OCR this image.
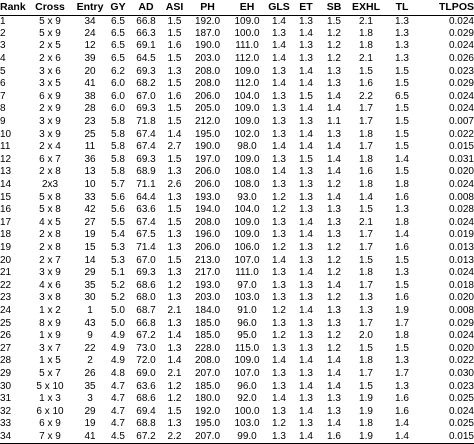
Rank	Cross	Entry	GY	AD	ASI	PH	EH	GLS	ET	SB	EXHL	TL	TLPOS
1	5 x 9	34	6.5	66.8	1.5	192.0	109.0	1.4	1.3	1.5	2.1	1.3	0.024
2	5 x 9	24	6.5	66.3	1.5	187.0	100.0	1.3	1.4	1.2	1.8	1.3	0.029
3	2 x 5	12	6.5	69.1	1.6	190.0	111.0	1.4	1.3	1.2	1.8	1.3	0.024
4	2 x 6	39	6.5	64.5	1.5	203.0	112.0	1.4	1.3	1.2	2.1	1.3	0.026
5	3 x 6	20	6.2	69.3	1.3	208.0	109.0	1.3	1.4	1.3	1.5	1.5	0.023
6	3 x 5	41	6.0	68.2	1.5	208.0	112.0	1.4	1.4	1.3	1.6	1.5	0.029
7	6 x 9	38	6.0	67.0	1.6	206.0	104.0	1.3	1.5	1.4	2.2	6.5	0.024
8	2 x 9	28	6.0	69.3	1.5	205.0	109.0	1.3	1.4	1.4	1.7	1.5	0.024
9	3 x 9	23	5.8	71.8	1.5	212.0	109.0	1.3	1.3	1.1	1.7	1.5	0.007
10	3 x 9	25	5.8	67.4	1.4	195.0	102.0	1.3	1.4	1.3	1.8	1.5	0.022
11	2 x 4	11	5.8	67.4	2.7	190.0	98.0	1.4	1.4	1.4	1.7	1.5	0.015
12	6 x 7	36	5.8	69.3	1.5	197.0	109.0	1.3	1.5	1.4	1.8	1.4	0.031
13	2 x 8	13	5.8	68.9	1.3	206.0	108.0	1.4	1.3	1.4	1.6	1.5	0.020
14	2x3	10	5.7	71.1	2.6	206.0	108.0	1.3	1.3	1.2	1.8	1.8	0.024
15	5 x 8	33	5.6	64.4	1.3	193.0	93.0	1.2	1.3	1.4	1.4	1.6	0.008
16	5 x 8	42	5.6	63.6	1.5	194.0	104.0	1.2	1.3	1.3	1.5	1.3	0.028
17	4 x 5	27	5.5	67.4	1.5	208.0	109.0	1.3	1.4	1.3	2.1	1.8	0.024
18	2 x 8	19	5.4	67.5	1.3	196.0	109.0	1.3	1.4	1.3	1.7	1.4	0.019
19	2 x 8	15	5.3	71.4	1.3	206.0	106.0	1.2	1.3	1.2	1.7	1.6	0.013
20	2 x 7	14	5.3	67.0	1.5	213.0	107.0	1.4	1.3	1.2	1.5	1.5	0.013
21	3 x 9	29	5.1	69.3	1.3	217.0	111.0	1.3	1.4	1.2	1.8	1.3	0.024
22	4 x 6	35	5.2	68.6	1.2	193.0	97.0	1.3	1.3	1.4	1.7	1.5	0.018
23	3 x 8	30	5.2	68.0	1.3	203.0	103.0	1.3	1.3	1.2	1.3	1.6	0.020
24	1 x 2	1	5.0	68.7	2.1	184.0	91.0	1.2	1.4	1.3	1.3	1.9	0.008
25	8 x 9	43	5.0	66.8	1.3	185.0	96.0	1.3	1.3	1.3	1.7	1.7	0.029
26	1 x 9	9	4.9	67.2	1.4	185.0	95.0	1.2	1.3	1.2	2.0	1.8	0.024
27	3 x 7	22	4.9	73.0	1.3	228.0	115.0	1.3	1.3	1.2	1.5	1.5	0.020
28	1 x 5	2	4.9	72.0	1.4	208.0	109.0	1.4	1.4	1.4	1.8	1.3	0.022
29	5 x 7	26	4.8	69.0	2.1	207.0	107.0	1.3	1.3	1.4	1.7	1.7	0.030
30	5 x 10	35	4.7	63.6	1.2	185.0	96.0	1.3	1.4	1.4	1.5	1.3	0.023
31	1 x 3	3	4.7	68.6	1.2	180.0	92.0	1.4	1.3	1.3	1.9	1.6	0.025
32	6 x 10	29	4.7	69.4	1.5	192.0	100.0	1.3	1.4	1.3	1.9	1.6	0.024
33	6 x 9	19	4.7	68.8	1.3	195.0	103.0	1.2	1.3	1.4	1.8	1.4	0.025
34	7 x 9	41	4.5	67.2	2.2	207.0	99.0	1.3	1.4	1.6	1.9	1.4	0.015
